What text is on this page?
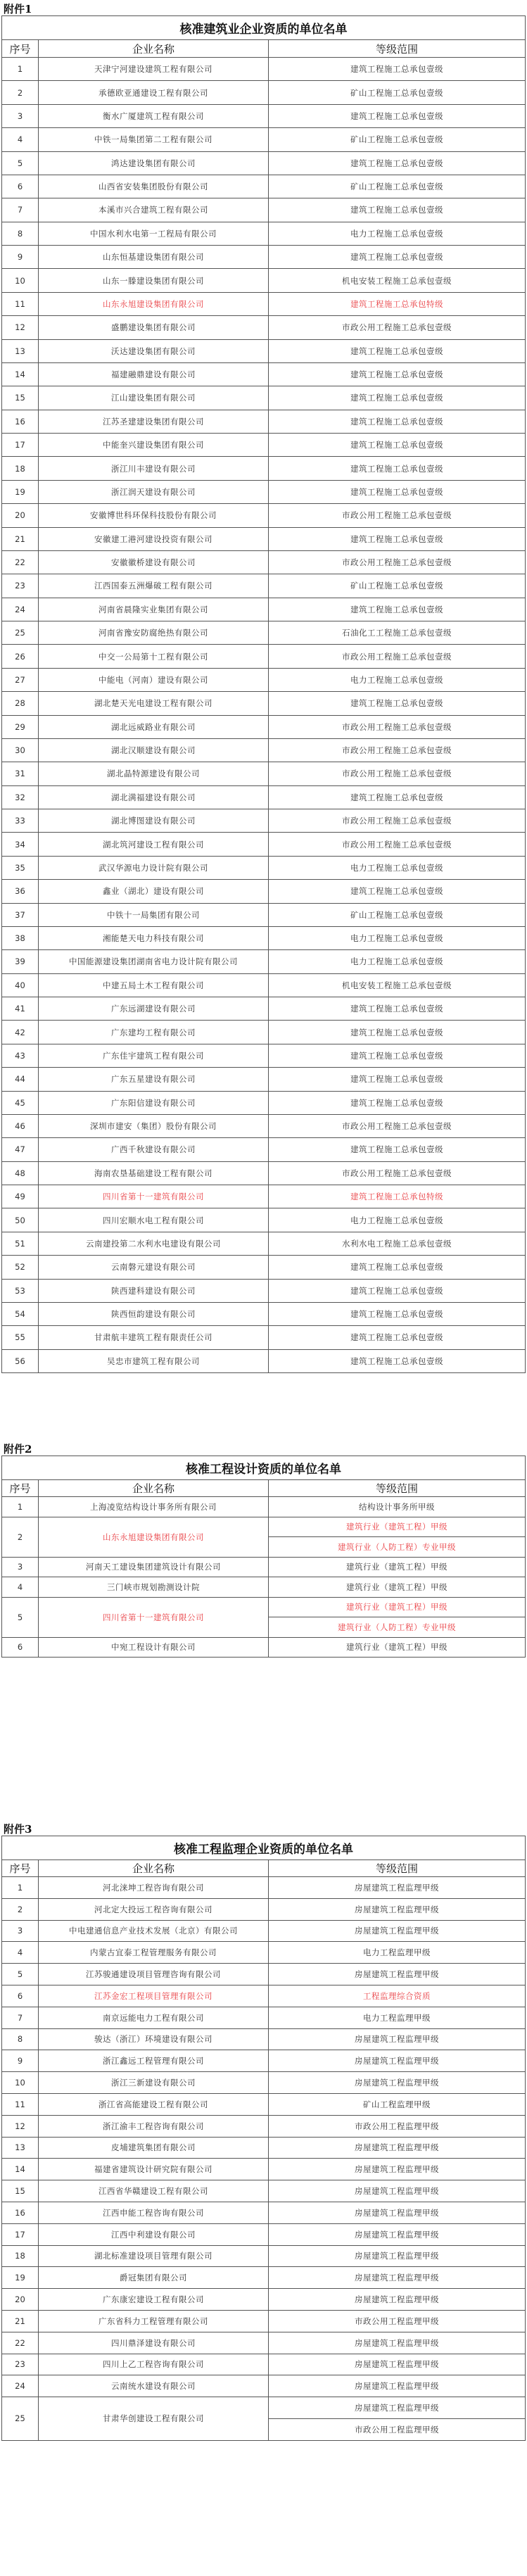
附件1
核准建筑业企业资质的单位名单		
序号	企业名称	等级范围
1	天津宁河建设建筑工程有限公司	建筑工程施工总承包壹级
2	承德欧亚通建设工程有限公司	矿山工程施工总承包壹级
3	衡水广厦建筑工程有限公司	建筑工程施工总承包壹级
4	中铁一局集团第二工程有限公司	矿山工程施工总承包壹级
5	鸿达建设集团有限公司	建筑工程施工总承包壹级
6	山西省安装集团股份有限公司	矿山工程施工总承包壹级
7	本溪市兴合建筑工程有限公司	建筑工程施工总承包壹级
8	中国水利水电第一工程局有限公司	电力工程施工总承包壹级
9	山东恒基建设集团有限公司	建筑工程施工总承包壹级
10	山东一滕建设集团有限公司	机电安装工程施工总承包壹级
11	山东永旭建设集团有限公司	建筑工程施工总承包特级
12	盛鹏建设集团有限公司	市政公用工程施工总承包壹级
13	沃达建设集团有限公司	建筑工程施工总承包壹级
14	福建融鼎建设有限公司	建筑工程施工总承包壹级
15	江山建设集团有限公司	建筑工程施工总承包壹级
16	江苏圣建建设集团有限公司	建筑工程施工总承包壹级
17	中能奎兴建设集团有限公司	建筑工程施工总承包壹级
18	浙江川丰建设有限公司	建筑工程施工总承包壹级
19	浙江润天建设有限公司	建筑工程施工总承包壹级
20	安徽博世科环保科技股份有限公司	市政公用工程施工总承包壹级
21	安徽建工港河建设投资有限公司	建筑工程施工总承包壹级
22	安徽徽桥建设有限公司	市政公用工程施工总承包壹级
23	江西国泰五洲爆破工程有限公司	矿山工程施工总承包壹级
24	河南省晨隆实业集团有限公司	建筑工程施工总承包壹级
25	河南省豫安防腐绝热有限公司	石油化工工程施工总承包壹级
26	中交一公局第十工程有限公司	市政公用工程施工总承包壹级
27	中能电（河南）建设有限公司	电力工程施工总承包壹级
28	湖北楚天光电建设工程有限公司	建筑工程施工总承包壹级
29	湖北远威路业有限公司	市政公用工程施工总承包壹级
30	湖北汉顺建设有限公司	市政公用工程施工总承包壹级
31	湖北晶特源建设有限公司	市政公用工程施工总承包壹级
32	湖北满福建设有限公司	建筑工程施工总承包壹级
33	湖北博图建设有限公司	市政公用工程施工总承包壹级
34	湖北筑河建设工程有限公司	市政公用工程施工总承包壹级
35	武汉华源电力设计院有限公司	电力工程施工总承包壹级
36	鑫业（湖北）建设有限公司	建筑工程施工总承包壹级
37	中铁十一局集团有限公司	矿山工程施工总承包壹级
38	湘能楚天电力科技有限公司	电力工程施工总承包壹级
39	中国能源建设集团湖南省电力设计院有限公司	电力工程施工总承包壹级
40	中建五局土木工程有限公司	机电安装工程施工总承包壹级
41	广东远湖建设有限公司	建筑工程施工总承包壹级
42	广东建均工程有限公司	建筑工程施工总承包壹级
43	广东佳宇建筑工程有限公司	建筑工程施工总承包壹级
44	广东五星建设有限公司	建筑工程施工总承包壹级
45	广东阳信建设有限公司	建筑工程施工总承包壹级
46	深圳市建安（集团）股份有限公司	市政公用工程施工总承包壹级
47	广西千秋建设有限公司	建筑工程施工总承包壹级
48	海南农垦基础建设工程有限公司	市政公用工程施工总承包壹级
49	四川省第十一建筑有限公司	建筑工程施工总承包特级
50	四川宏顺水电工程有限公司	电力工程施工总承包壹级
51	云南建投第二水利水电建设有限公司	水利水电工程施工总承包壹级
52	云南磐元建设有限公司	建筑工程施工总承包壹级
53	陕西建科建设有限公司	建筑工程施工总承包壹级
54	陕西恒韵建设有限公司	建筑工程施工总承包壹级
55	甘肃航丰建筑工程有限责任公司	建筑工程施工总承包壹级
56	吴忠市建筑工程有限公司	建筑工程施工总承包壹级
附件2
核准工程设计资质的单位名单		
序号	企业名称	等级范围
1	上海凌览结构设计事务所有限公司	结构设计事务所甲级
2	山东永旭建设集团有限公司	建筑行业（建筑工程）甲级
		建筑行业（人防工程）专业甲级
3	河南天工建设集团建筑设计有限公司	建筑行业（建筑工程）甲级
4	三门峡市规划勘测设计院	建筑行业（建筑工程）甲级
5	四川省第十一建筑有限公司	建筑行业（建筑工程）甲级
		建筑行业（人防工程）专业甲级
6	中宛工程设计有限公司	建筑行业（建筑工程）甲级
附件3
核准工程监理企业资质的单位名单		
序号	企业名称	等级范围
1	河北涞坤工程咨询有限公司	房屋建筑工程监理甲级
2	河北定大投远工程咨询有限公司	房屋建筑工程监理甲级
3	中电建通信息产业技术发展（北京）有限公司	房屋建筑工程监理甲级
4	内蒙古宜泰工程管理服务有限公司	电力工程监理甲级
5	江苏骏通建设项目管理咨询有限公司	房屋建筑工程监理甲级
6	江苏金宏工程项目管理有限公司	工程监理综合资质
7	南京远能电力工程有限公司	电力工程监理甲级
8	骏达（浙江）环境建设有限公司	房屋建筑工程监理甲级
9	浙江鑫远工程管理有限公司	房屋建筑工程监理甲级
10	浙江三新建设有限公司	房屋建筑工程监理甲级
11	浙江省高能建设工程有限公司	矿山工程监理甲级
12	浙江渝丰工程咨询有限公司	市政公用工程监理甲级
13	皮埔建筑集团有限公司	房屋建筑工程监理甲级
14	福建省建筑设计研究院有限公司	房屋建筑工程监理甲级
15	江西省华赣建设工程有限公司	房屋建筑工程监理甲级
16	江西申能工程咨询有限公司	房屋建筑工程监理甲级
17	江西中利建设有限公司	房屋建筑工程监理甲级
18	湖北标准建设项目管理有限公司	房屋建筑工程监理甲级
19	爵冠集团有限公司	房屋建筑工程监理甲级
20	广东康宏建设工程有限公司	房屋建筑工程监理甲级
21	广东省科力工程管理有限公司	市政公用工程监理甲级
22	四川鼎泽建设有限公司	房屋建筑工程监理甲级
23	四川上乙工程咨询有限公司	房屋建筑工程监理甲级
24	云南统水建设有限公司	房屋建筑工程监理甲级
25	甘肃华创建设工程有限公司	房屋建筑工程监理甲级
		市政公用工程监理甲级
